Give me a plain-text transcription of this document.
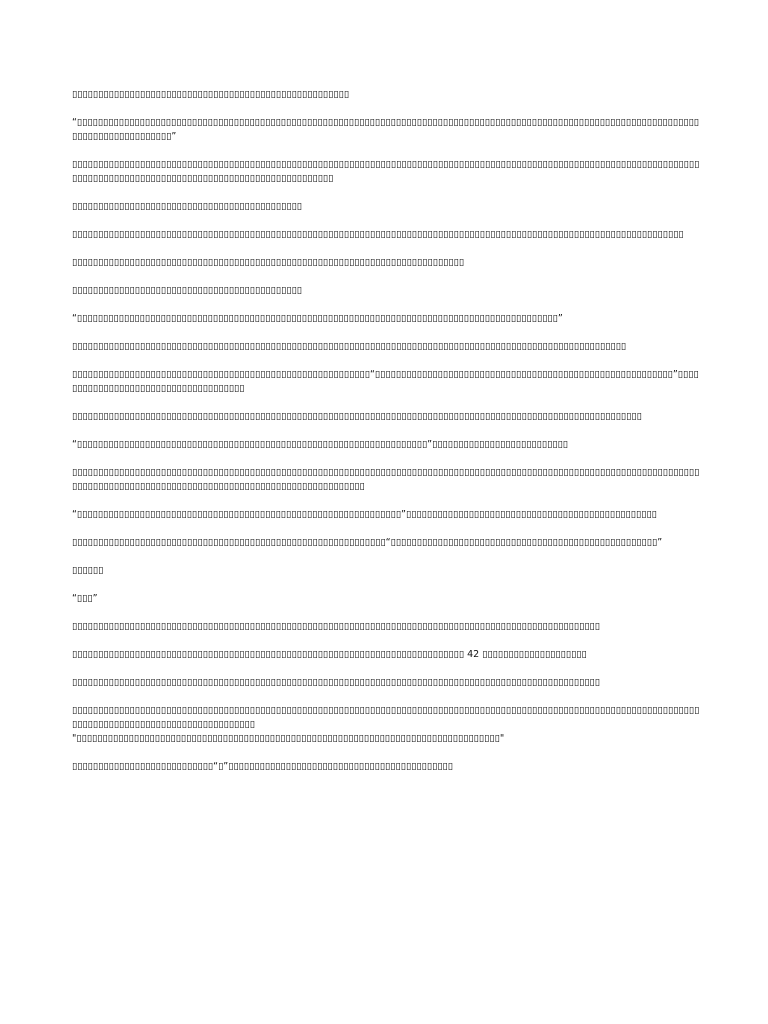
▯▯▯▯▯▯▯▯▯▯▯▯▯▯▯▯▯▯▯▯▯▯▯▯▯▯▯▯▯▯▯▯▯▯▯▯▯▯▯▯▯▯▯▯▯▯▯▯▯▯▯▯▯

“▯▯▯▯▯▯▯▯▯▯▯▯▯▯▯▯▯▯▯▯▯▯▯▯▯▯▯▯▯▯▯▯▯▯▯▯▯▯▯▯▯▯▯▯▯▯▯▯▯▯▯▯▯▯▯▯▯▯▯▯▯▯▯▯▯▯▯▯▯▯▯▯▯▯▯▯▯▯▯▯▯▯▯▯▯▯▯▯▯▯▯▯▯▯▯▯▯▯▯▯▯▯▯▯▯▯▯▯▯▯▯▯▯▯▯▯▯▯▯▯▯▯▯▯▯▯▯▯▯▯▯▯▯▯▯▯▯▯”

▯▯▯▯▯▯▯▯▯▯▯▯▯▯▯▯▯▯▯▯▯▯▯▯▯▯▯▯▯▯▯▯▯▯▯▯▯▯▯▯▯▯▯▯▯▯▯▯▯▯▯▯▯▯▯▯▯▯▯▯▯▯▯▯▯▯▯▯▯▯▯▯▯▯▯▯▯▯▯▯▯▯▯▯▯▯▯▯▯▯▯▯▯▯▯▯▯▯▯▯▯▯▯▯▯▯▯▯▯▯▯▯▯▯▯▯▯▯▯▯▯▯▯▯▯▯▯▯▯▯▯▯▯▯▯▯▯▯▯▯▯▯▯▯▯▯▯▯▯▯▯▯▯▯▯▯▯▯▯▯▯▯▯▯▯▯▯▯▯▯

▯▯▯▯▯▯▯▯▯▯▯▯▯▯▯▯▯▯▯▯▯▯▯▯▯▯▯▯▯▯▯▯▯▯▯▯▯▯▯▯▯▯▯▯

▯▯▯▯▯▯▯▯▯▯▯▯▯▯▯▯▯▯▯▯▯▯▯▯▯▯▯▯▯▯▯▯▯▯▯▯▯▯▯▯▯▯▯▯▯▯▯▯▯▯▯▯▯▯▯▯▯▯▯▯▯▯▯▯▯▯▯▯▯▯▯▯▯▯▯▯▯▯▯▯▯▯▯▯▯▯▯▯▯▯▯▯▯▯▯▯▯▯▯▯▯▯▯▯▯▯▯▯▯▯▯▯▯▯▯▯▯

▯▯▯▯▯▯▯▯▯▯▯▯▯▯▯▯▯▯▯▯▯▯▯▯▯▯▯▯▯▯▯▯▯▯▯▯▯▯▯▯▯▯▯▯▯▯▯▯▯▯▯▯▯▯▯▯▯▯▯▯▯▯▯▯▯▯▯▯▯▯▯▯▯▯▯

▯▯▯▯▯▯▯▯▯▯▯▯▯▯▯▯▯▯▯▯▯▯▯▯▯▯▯▯▯▯▯▯▯▯▯▯▯▯▯▯▯▯▯▯

“▯▯▯▯▯▯▯▯▯▯▯▯▯▯▯▯▯▯▯▯▯▯▯▯▯▯▯▯▯▯▯▯▯▯▯▯▯▯▯▯▯▯▯▯▯▯▯▯▯▯▯▯▯▯▯▯▯▯▯▯▯▯▯▯▯▯▯▯▯▯▯▯▯▯▯▯▯▯▯▯▯▯▯▯▯▯▯▯▯▯▯▯”

▯▯▯▯▯▯▯▯▯▯▯▯▯▯▯▯▯▯▯▯▯▯▯▯▯▯▯▯▯▯▯▯▯▯▯▯▯▯▯▯▯▯▯▯▯▯▯▯▯▯▯▯▯▯▯▯▯▯▯▯▯▯▯▯▯▯▯▯▯▯▯▯▯▯▯▯▯▯▯▯▯▯▯▯▯▯▯▯▯▯▯▯▯▯▯▯▯▯▯▯▯▯▯▯▯▯

▯▯▯▯▯▯▯▯▯▯▯▯▯▯▯▯▯▯▯▯▯▯▯▯▯▯▯▯▯▯▯▯▯▯▯▯▯▯▯▯▯▯▯▯▯▯▯▯▯▯▯▯▯▯▯▯▯“▯▯▯▯▯▯▯▯▯▯▯▯▯▯▯▯▯▯▯▯▯▯▯▯▯▯▯▯▯▯▯▯▯▯▯▯▯▯▯▯▯▯▯▯▯▯▯▯▯▯▯▯▯▯▯▯▯”▯▯▯▯▯▯▯▯▯▯▯▯▯▯▯▯▯▯▯▯▯▯▯▯▯▯▯▯▯▯▯▯▯▯▯▯▯

▯▯▯▯▯▯▯▯▯▯▯▯▯▯▯▯▯▯▯▯▯▯▯▯▯▯▯▯▯▯▯▯▯▯▯▯▯▯▯▯▯▯▯▯▯▯▯▯▯▯▯▯▯▯▯▯▯▯▯▯▯▯▯▯▯▯▯▯▯▯▯▯▯▯▯▯▯▯▯▯▯▯▯▯▯▯▯▯▯▯▯▯▯▯▯▯▯▯▯▯▯▯▯▯▯▯▯▯▯

“▯▯▯▯▯▯▯▯▯▯▯▯▯▯▯▯▯▯▯▯▯▯▯▯▯▯▯▯▯▯▯▯▯▯▯▯▯▯▯▯▯▯▯▯▯▯▯▯▯▯▯▯▯▯▯▯▯▯▯▯▯▯▯▯▯▯▯”▯▯▯▯▯▯▯▯▯▯▯▯▯▯▯▯▯▯▯▯▯▯▯▯▯▯

▯▯▯▯▯▯▯▯▯▯▯▯▯▯▯▯▯▯▯▯▯▯▯▯▯▯▯▯▯▯▯▯▯▯▯▯▯▯▯▯▯▯▯▯▯▯▯▯▯▯▯▯▯▯▯▯▯▯▯▯▯▯▯▯▯▯▯▯▯▯▯▯▯▯▯▯▯▯▯▯▯▯▯▯▯▯▯▯▯▯▯▯▯▯▯▯▯▯▯▯▯▯▯▯▯▯▯▯▯▯▯▯▯▯▯▯▯▯▯▯▯▯▯▯▯▯▯▯▯▯▯▯▯▯▯▯▯▯▯▯▯▯▯▯▯▯▯▯▯▯▯▯▯▯▯▯▯▯▯▯▯▯▯▯▯▯▯▯▯▯▯▯▯▯▯▯

“▯▯▯▯▯▯▯▯▯▯▯▯▯▯▯▯▯▯▯▯▯▯▯▯▯▯▯▯▯▯▯▯▯▯▯▯▯▯▯▯▯▯▯▯▯▯▯▯▯▯▯▯▯▯▯▯▯▯▯▯▯▯”▯▯▯▯▯▯▯▯▯▯▯▯▯▯▯▯▯▯▯▯▯▯▯▯▯▯▯▯▯▯▯▯▯▯▯▯▯▯▯▯▯▯▯▯▯▯▯▯

▯▯▯▯▯▯▯▯▯▯▯▯▯▯▯▯▯▯▯▯▯▯▯▯▯▯▯▯▯▯▯▯▯▯▯▯▯▯▯▯▯▯▯▯▯▯▯▯▯▯▯▯▯▯▯▯▯▯▯▯“▯▯▯▯▯▯▯▯▯▯▯▯▯▯▯▯▯▯▯▯▯▯▯▯▯▯▯▯▯▯▯▯▯▯▯▯▯▯▯▯▯▯▯▯▯▯▯▯▯▯▯”

▯▯▯▯▯▯

“▯▯▯”

▯▯▯▯▯▯▯▯▯▯▯▯▯▯▯▯▯▯▯▯▯▯▯▯▯▯▯▯▯▯▯▯▯▯▯▯▯▯▯▯▯▯▯▯▯▯▯▯▯▯▯▯▯▯▯▯▯▯▯▯▯▯▯▯▯▯▯▯▯▯▯▯▯▯▯▯▯▯▯▯▯▯▯▯▯▯▯▯▯▯▯▯▯▯▯▯▯▯▯▯▯

▯▯▯▯▯▯▯▯▯▯▯▯▯▯▯▯▯▯▯▯▯▯▯▯▯▯▯▯▯▯▯▯▯▯▯▯▯▯▯▯▯▯▯▯▯▯▯▯▯▯▯▯▯▯▯▯▯▯▯▯▯▯▯▯▯▯▯▯▯▯▯▯▯▯▯ 42 ▯▯▯▯▯▯▯▯▯▯▯▯▯▯▯▯▯▯▯▯

▯▯▯▯▯▯▯▯▯▯▯▯▯▯▯▯▯▯▯▯▯▯▯▯▯▯▯▯▯▯▯▯▯▯▯▯▯▯▯▯▯▯▯▯▯▯▯▯▯▯▯▯▯▯▯▯▯▯▯▯▯▯▯▯▯▯▯▯▯▯▯▯▯▯▯▯▯▯▯▯▯▯▯▯▯▯▯▯▯▯▯▯▯▯▯▯▯▯▯▯▯

▯▯▯▯▯▯▯▯▯▯▯▯▯▯▯▯▯▯▯▯▯▯▯▯▯▯▯▯▯▯▯▯▯▯▯▯▯▯▯▯▯▯▯▯▯▯▯▯▯▯▯▯▯▯▯▯▯▯▯▯▯▯▯▯▯▯▯▯▯▯▯▯▯▯▯▯▯▯▯▯▯▯▯▯▯▯▯▯▯▯▯▯▯▯▯▯▯▯▯▯▯▯▯▯▯▯▯▯▯▯▯▯▯▯▯▯▯▯▯▯▯▯▯▯▯▯▯▯▯▯▯▯▯▯▯▯▯▯▯▯▯▯▯▯▯▯▯▯▯▯▯▯▯▯▯

"▯▯▯▯▯▯▯▯▯▯▯▯▯▯▯▯▯▯▯▯▯▯▯▯▯▯▯▯▯▯▯▯▯▯▯▯▯▯▯▯▯▯▯▯▯▯▯▯▯▯▯▯▯▯▯▯▯▯▯▯▯▯▯▯▯▯▯▯▯▯▯▯▯▯▯▯▯▯▯▯▯"

▯▯▯▯▯▯▯▯▯▯▯▯▯▯▯▯▯▯▯▯▯▯▯▯▯▯▯“▯”▯▯▯▯▯▯▯▯▯▯▯▯▯▯▯▯▯▯▯▯▯▯▯▯▯▯▯▯▯▯▯▯▯▯▯▯▯▯▯▯▯▯▯
